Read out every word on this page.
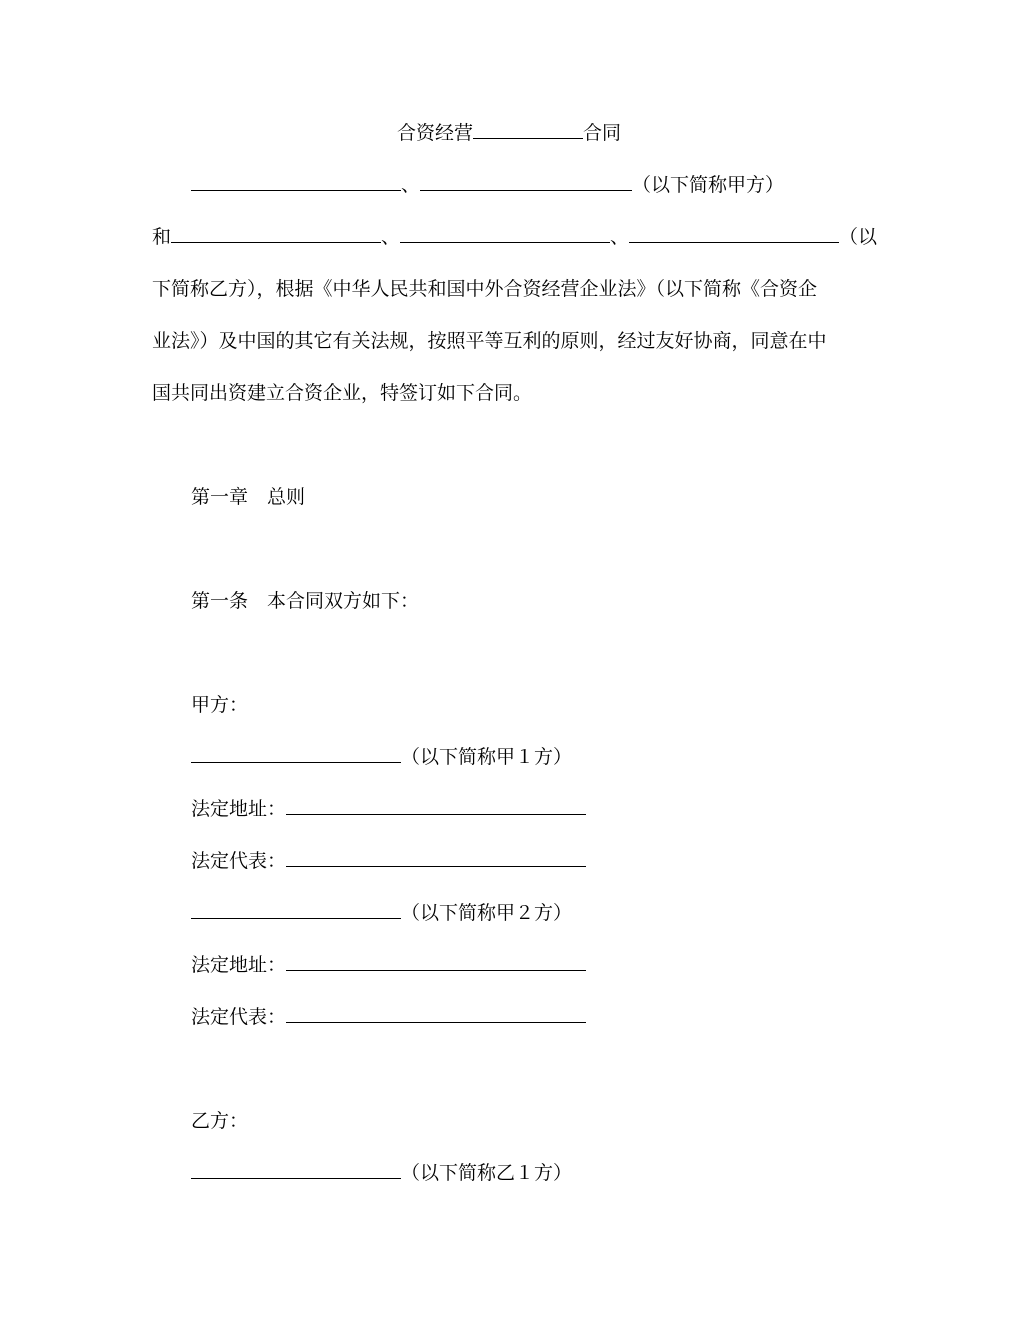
合资经营	合同
、	（以下简称甲方）
和	、	、	（以
下简称乙方），根据《中华人民共和国中外合资经营企业法》（以下简称《合资企
业法》）及中国的其它有关法规，按照平等互利的原则，经过友好协商，同意在中
国共同出资建立合资企业，特签订如下合同。
第一章　总则
第一条　本合同双方如下：
甲方：
（以下简称甲１方）
法定地址：
法定代表：
（以下简称甲２方）
法定地址：
法定代表：
乙方：
（以下简称乙１方）
